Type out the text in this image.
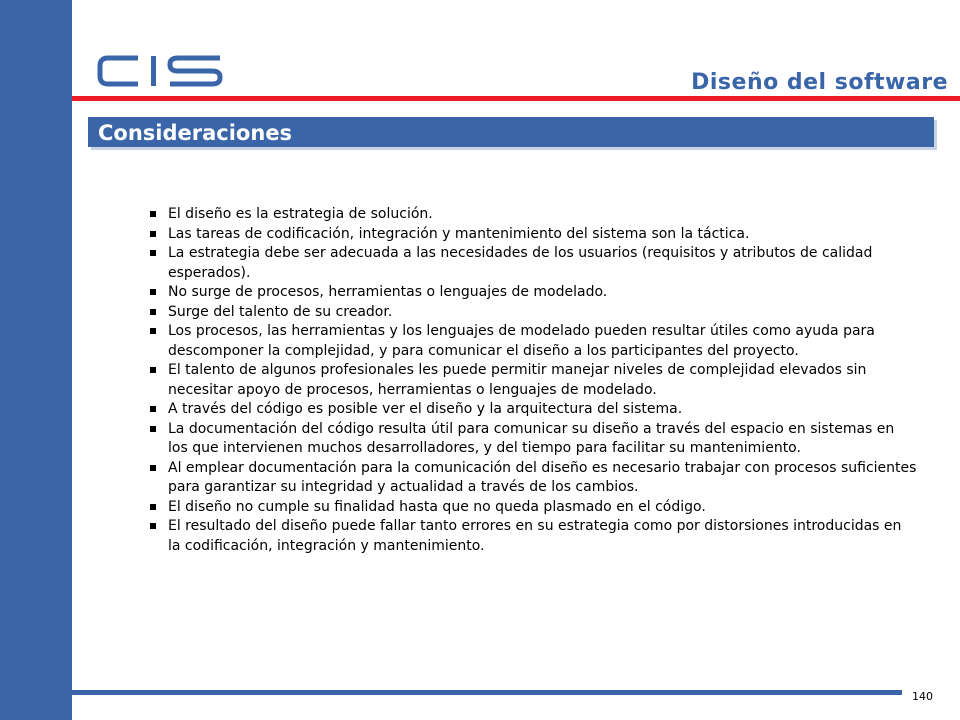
Diseño del software
Consideraciones
El diseño es la estrategia de solución.
Las tareas de codificación, integración y mantenimiento del sistema son la táctica.
La estrategia debe ser adecuada a las necesidades de los usuarios (requisitos y atributos de calidad esperados).
No surge de procesos, herramientas o lenguajes de modelado.
Surge del talento de su creador.
Los procesos, las herramientas y los lenguajes de modelado pueden resultar útiles como ayuda para descomponer la complejidad, y para comunicar el diseño a los participantes del proyecto.
El talento de algunos profesionales les puede permitir manejar niveles de complejidad elevados sin necesitar apoyo de procesos, herramientas o lenguajes de modelado.
A través del código es posible ver el diseño y la arquitectura del sistema.
La documentación del código resulta útil para comunicar su diseño a través del espacio en sistemas en los que intervienen muchos desarrolladores, y del tiempo para facilitar su mantenimiento.
Al emplear documentación para la comunicación del diseño es necesario trabajar con procesos suficientes para garantizar su integridad y actualidad a través de los cambios.
El diseño no cumple su finalidad hasta que no queda plasmado en el código.
El resultado del diseño puede fallar tanto errores en su estrategia como por distorsiones introducidas en la codificación, integración y mantenimiento.
140
